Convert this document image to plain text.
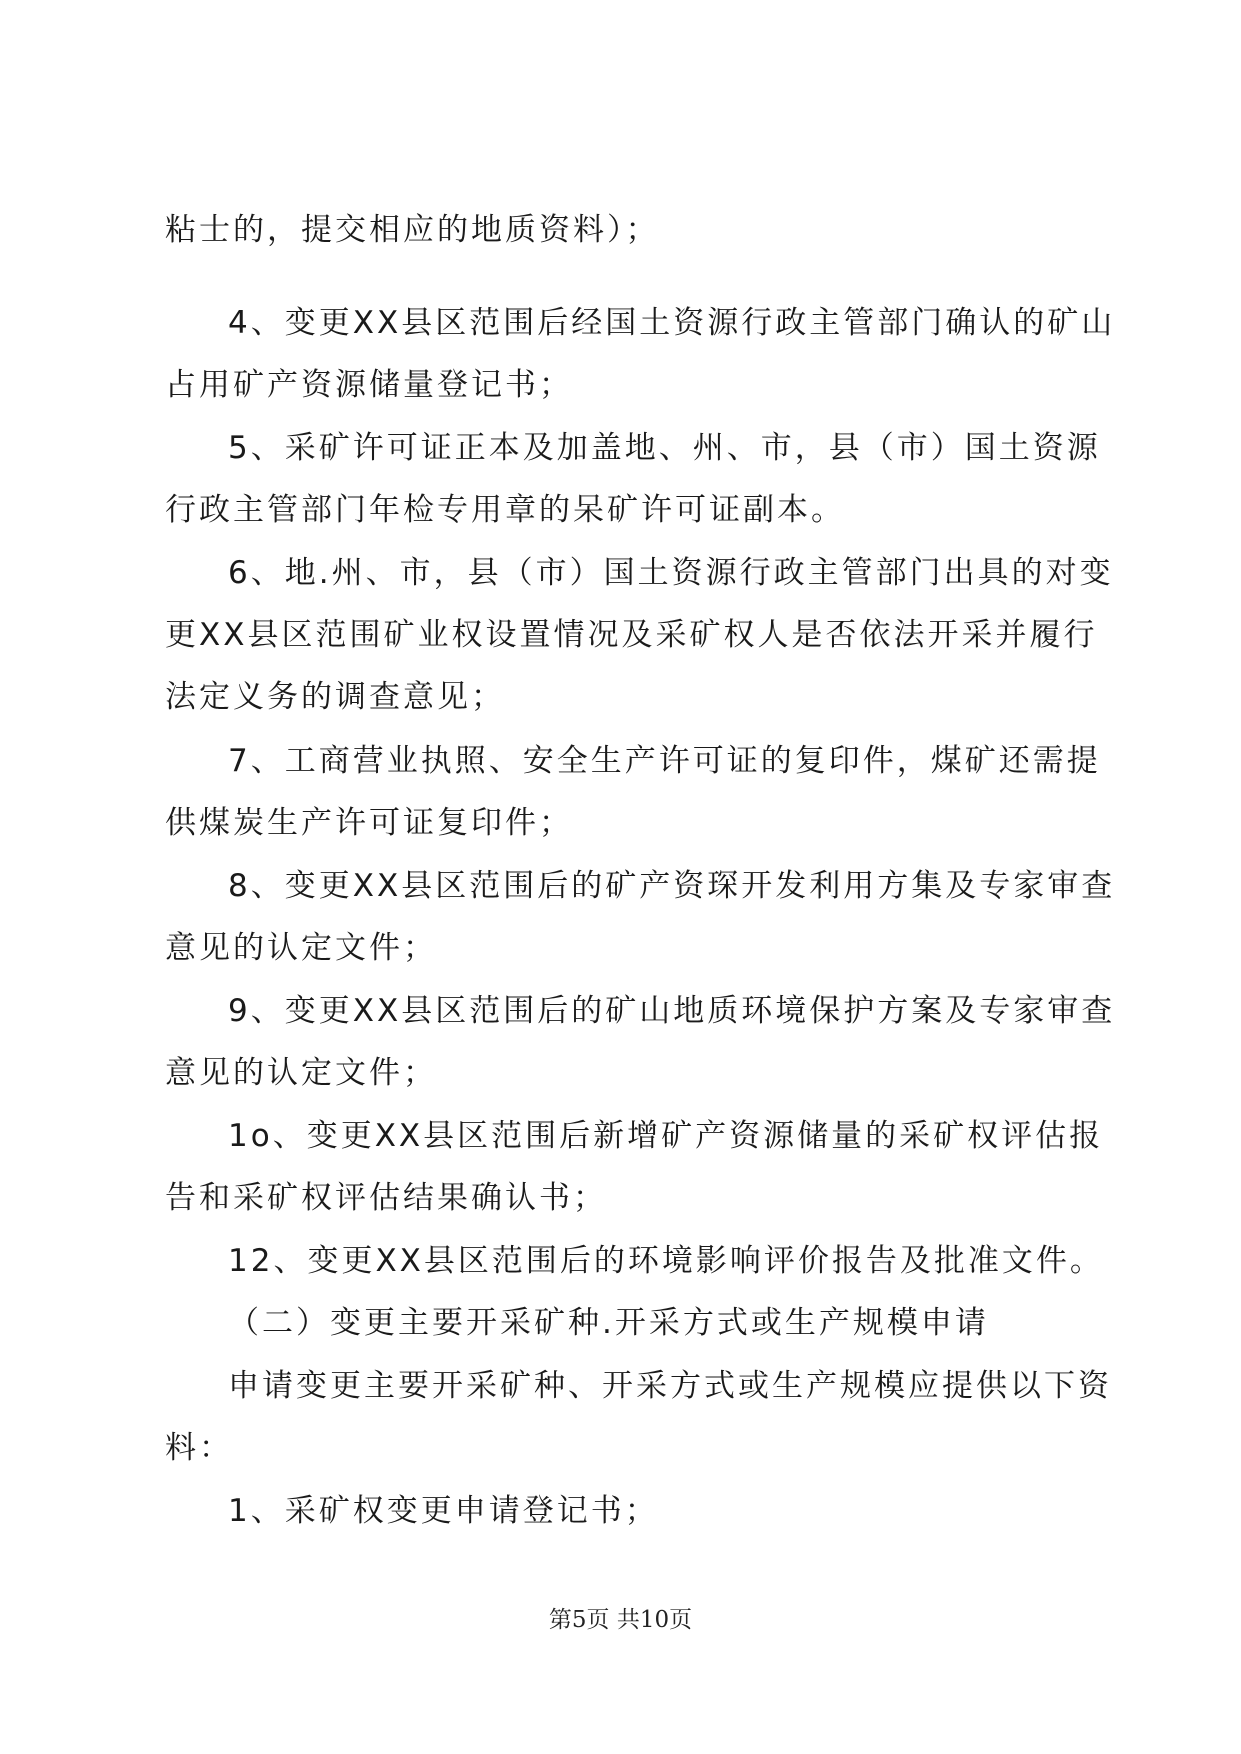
粘士的，提交相应的地质资料）；
4、变更XX县区范围后经国土资源行政主管部门确认的矿山
占用矿产资源储量登记书；
5、采矿许可证正本及加盖地、州、市，县（市）国土资源
行政主管部门年检专用章的呆矿许可证副本。
6、地.州、市，县（市）国土资源行政主管部门出具的对变
更XX县区范围矿业权设置情况及采矿权人是否依法开采并履行
法定义务的调查意见；
7、工商营业执照、安全生产许可证的复印件，煤矿还需提
供煤炭生产许可证复印件；
8、变更XX县区范围后的矿产资琛开发利用方集及专家审查
意见的认定文件；
9、变更XX县区范围后的矿山地质环境保护方案及专家审查
意见的认定文件；
1o、变更XX县区范围后新增矿产资源储量的采矿权评估报
告和采矿权评估结果确认书；
12、变更XX县区范围后的环境影响评价报告及批准文件。
（二）变更主要开采矿种.开采方式或生产规模申请
申请变更主要开采矿种、开采方式或生产规模应提供以下资
料：
1、采矿权变更申请登记书；
第5页 共10页
